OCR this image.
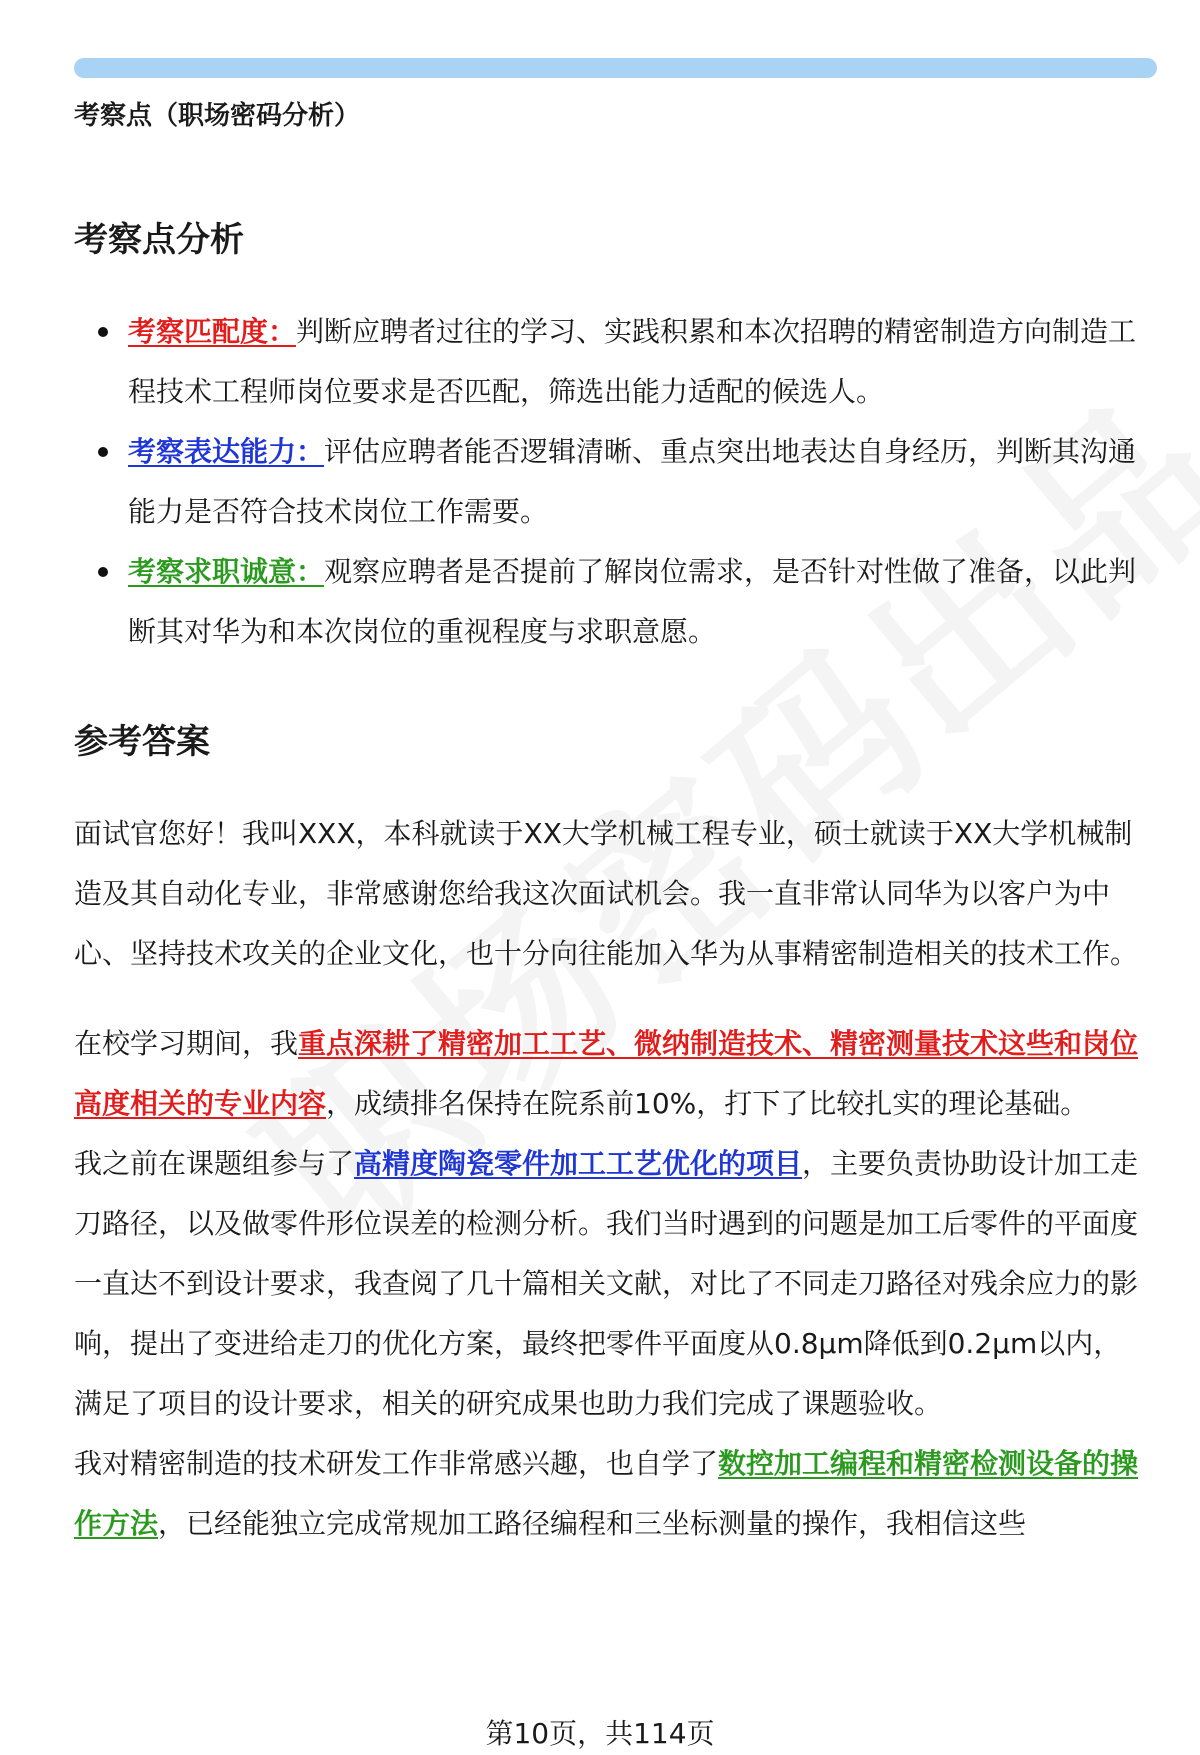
考察点（职场密码分析）
考察点分析
考察匹配度：判断应聘者过往的学习、实践积累和本次招聘的精密制造方向制造工程技术工程师岗位要求是否匹配，筛选出能力适配的候选人。
考察表达能力：评估应聘者能否逻辑清晰、重点突出地表达自身经历，判断其沟通能力是否符合技术岗位工作需要。
考察求职诚意：观察应聘者是否提前了解岗位需求，是否针对性做了准备，以此判断其对华为和本次岗位的重视程度与求职意愿。
参考答案

面试官您好！我叫XXX，本科就读于XX大学机械工程专业，硕士就读于XX大学机械制造及其自动化专业，非常感谢您给我这次面试机会。我一直非常认同华为以客户为中心、坚持技术攻关的企业文化，也十分向往能加入华为从事精密制造相关的技术工作。

在校学习期间，我重点深耕了精密加工工艺、微纳制造技术、精密测量技术这些和岗位高度相关的专业内容，成绩排名保持在院系前10%，打下了比较扎实的理论基础。

我之前在课题组参与了高精度陶瓷零件加工工艺优化的项目，主要负责协助设计加工走刀路径，以及做零件形位误差的检测分析。我们当时遇到的问题是加工后零件的平面度一直达不到设计要求，我查阅了几十篇相关文献，对比了不同走刀路径对残余应力的影响，提出了变进给走刀的优化方案，最终把零件平面度从0.8μm降低到0.2μm以内，满足了项目的设计要求，相关的研究成果也助力我们完成了课题验收。

我对精密制造的技术研发工作非常感兴趣，也自学了数控加工编程和精密检测设备的操作方法，已经能独立完成常规加工路径编程和三坐标测量的操作，我相信这些

第10页，共114页
